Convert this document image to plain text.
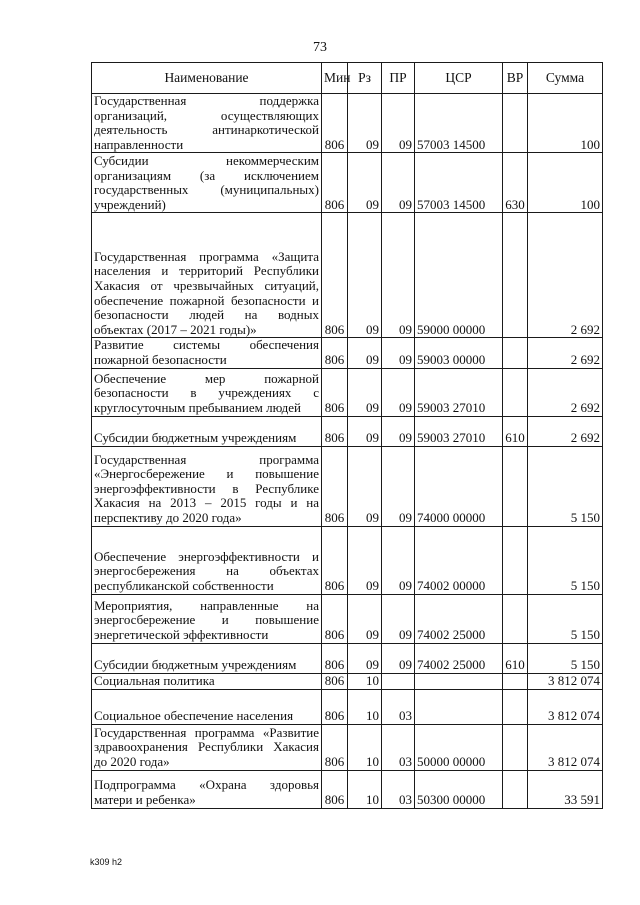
73
Наименование	Мин	Рз	ПР	ЦСР	ВР	Сумма
Государственная поддержка организаций, осуществляющих деятельность антинаркотической направленности	806	09	09	57003 14500		100
Субсидии некоммерческим организациям (за исключением государственных (муниципальных) учреждений)	806	09	09	57003 14500	630	100
Государственная программа «Защита населения и территорий Республики Хакасия от чрезвычайных ситуаций, обеспечение пожарной безопасности и безопасности людей на водных объектах (2017 – 2021 годы)»	806	09	09	59000 00000		2 692
Развитие системы обеспечения пожарной безопасности	806	09	09	59003 00000		2 692
Обеспечение мер пожарной безопасности в учреждениях с круглосуточным пребыванием людей	806	09	09	59003 27010		2 692
Субсидии бюджетным учреждениям	806	09	09	59003 27010	610	2 692
Государственная программа «Энергосбережение и повышение энергоэффективности в Республике Хакасия на 2013 – 2015 годы и на перспективу до 2020 года»	806	09	09	74000 00000		5 150
Обеспечение энергоэффективности и энергосбережения на объектах республиканской собственности	806	09	09	74002 00000		5 150
Мероприятия, направленные на энергосбережение и повышение энергетической эффективности	806	09	09	74002 25000		5 150
Субсидии бюджетным учреждениям	806	09	09	74002 25000	610	5 150
Социальная политика	806	10				3 812 074
Социальное обеспечение населения	806	10	03			3 812 074
Государственная программа «Развитие здравоохранения Республики Хакасия до 2020 года»	806	10	03	50000 00000		3 812 074
Подпрограмма «Охрана здоровья матери и ребенка»	806	10	03	50300 00000		33 591
k309 h2
